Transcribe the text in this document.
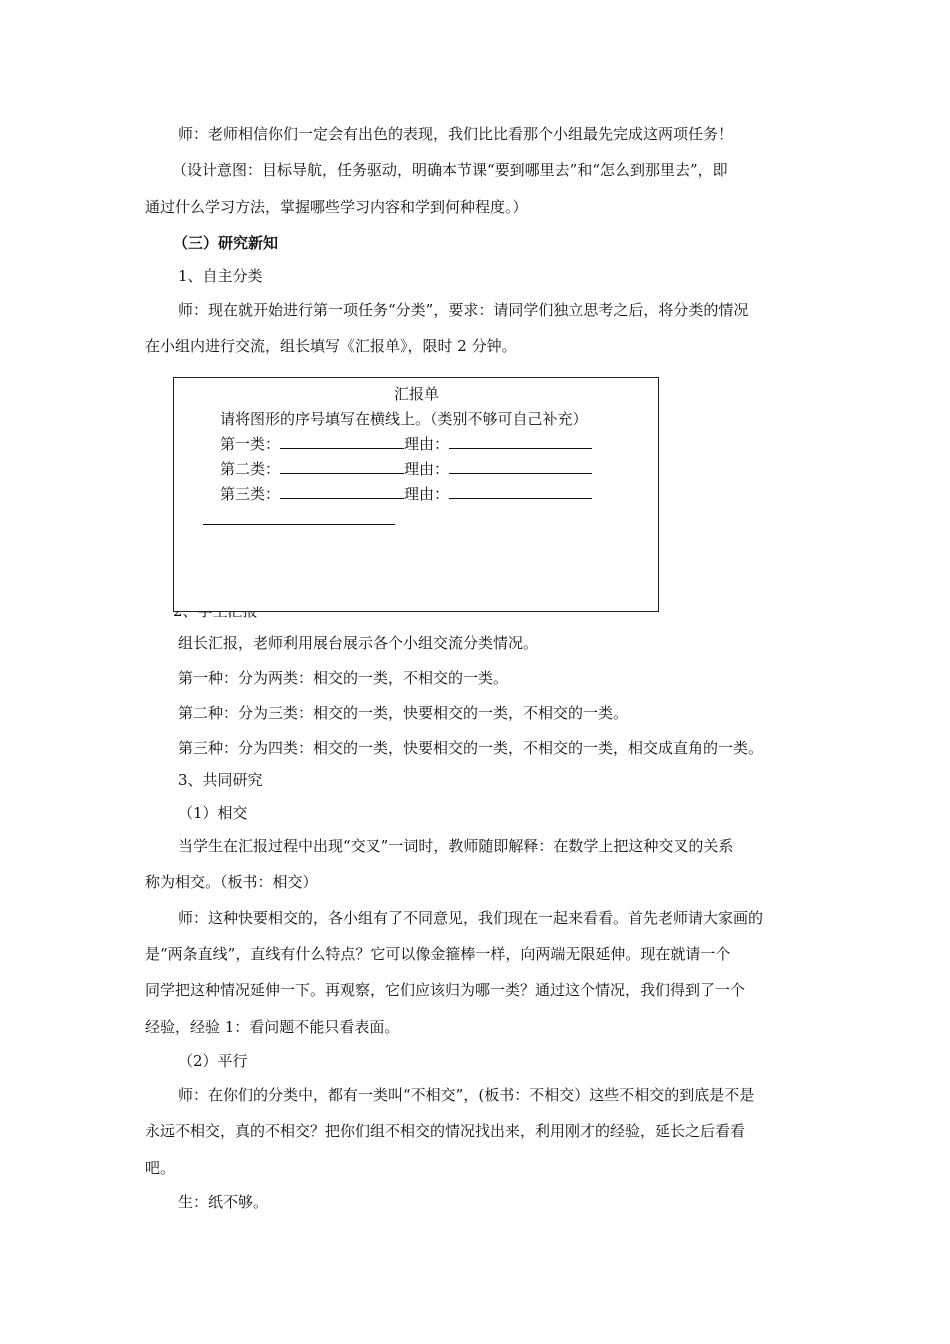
师：老师相信你们一定会有出色的表现，我们比比看那个小组最先完成这两项任务！
（设计意图：目标导航，任务驱动，明确本节课“要到哪里去”和“怎么到那里去”，即
通过什么学习方法，掌握哪些学习内容和学到何种程度。）
（三）研究新知
1、自主分类
师：现在就开始进行第一项任务“分类”，要求：请同学们独立思考之后，将分类的情况
在小组内进行交流，组长填写《汇报单》，限时 2 分钟。
汇报单
请将图形的序号填写在横线上。（类别不够可自己补充）
第一类：	理由：
第二类：	理由：
第三类：	理由：
组长汇报，老师利用展台展示各个小组交流分类情况。
第一种：分为两类：相交的一类，不相交的一类。
第二种：分为三类：相交的一类，快要相交的一类，不相交的一类。
第三种：分为四类：相交的一类，快要相交的一类，不相交的一类，相交成直角的一类。
3、共同研究
（1）相交
当学生在汇报过程中出现“交叉”一词时，教师随即解释：在数学上把这种交叉的关系
称为相交。（板书：相交）
师：这种快要相交的，各小组有了不同意见，我们现在一起来看看。首先老师请大家画的
是“两条直线”，直线有什么特点？它可以像金箍棒一样，向两端无限延伸。现在就请一个
同学把这种情况延伸一下。再观察，它们应该归为哪一类？通过这个情况，我们得到了一个
经验，经验 1：看问题不能只看表面。
（2）平行
师：在你们的分类中，都有一类叫“不相交”，(板书：不相交）这些不相交的到底是不是
永远不相交，真的不相交？把你们组不相交的情况找出来，利用刚才的经验，延长之后看看
吧。
生：纸不够。
